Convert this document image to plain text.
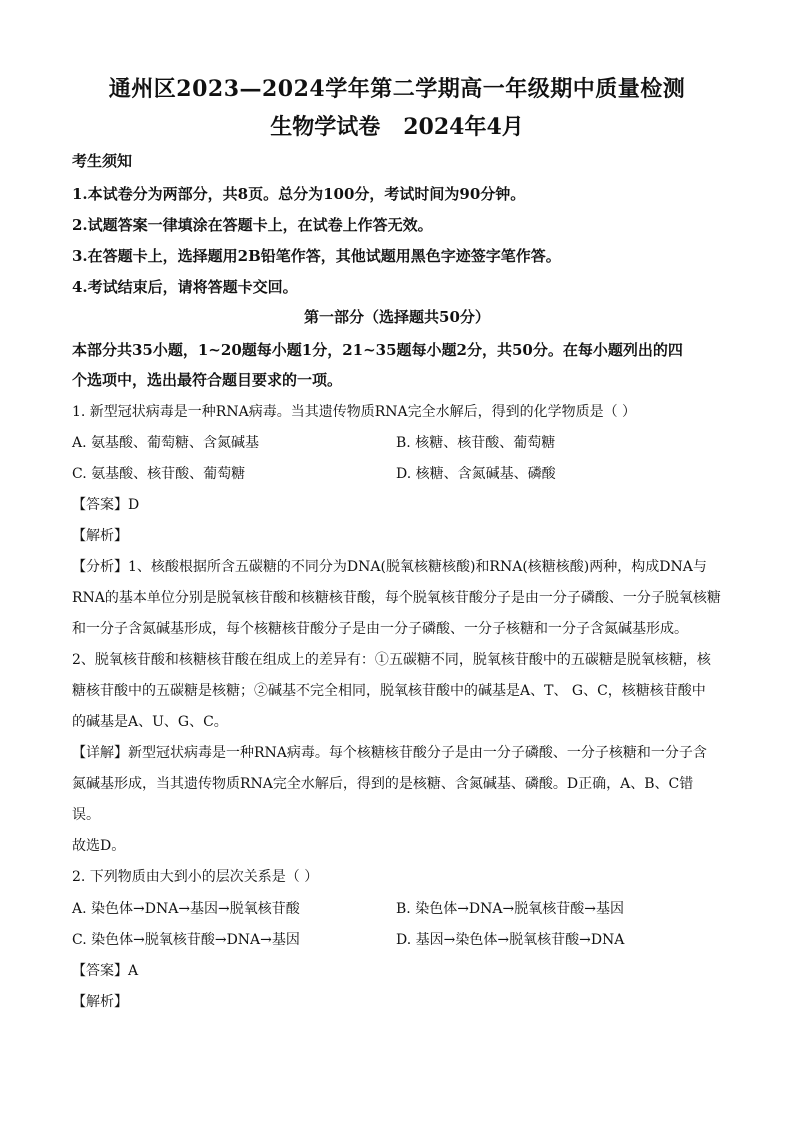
通州区2023—2024学年第二学期高一年级期中质量检测
生物学试卷   2024年4月
考生须知
1.本试卷分为两部分，共8页。总分为100分，考试时间为90分钟。
2.试题答案一律填涂在答题卡上，在试卷上作答无效。
3.在答题卡上，选择题用2B铅笔作答，其他试题用黑色字迹签字笔作答。
4.考试结束后，请将答题卡交回。
第一部分（选择题共50分）
本部分共35小题，1~20题每小题1分，21~35题每小题2分，共50分。在每小题列出的四
个选项中，选出最符合题目要求的一项。
1. 新型冠状病毒是一种RNA病毒。当其遗传物质RNA完全水解后，得到的化学物质是（ ）
A. 氨基酸、葡萄糖、含氮碱基	B. 核糖、核苷酸、葡萄糖
C. 氨基酸、核苷酸、葡萄糖	D. 核糖、含氮碱基、磷酸
【答案】D
【解析】
【分析】1、核酸根据所含五碳糖的不同分为DNA(脱氧核糖核酸)和RNA(核糖核酸)两种，构成DNA与
RNA的基本单位分别是脱氧核苷酸和核糖核苷酸，每个脱氧核苷酸分子是由一分子磷酸、一分子脱氧核糖
和一分子含氮碱基形成，每个核糖核苷酸分子是由一分子磷酸、一分子核糖和一分子含氮碱基形成。
2、脱氧核苷酸和核糖核苷酸在组成上的差异有：①五碳糖不同，脱氧核苷酸中的五碳糖是脱氧核糖，核
糖核苷酸中的五碳糖是核糖；②碱基不完全相同，脱氧核苷酸中的碱基是A、T、 G、C，核糖核苷酸中
的碱基是A、U、G、C。
【详解】新型冠状病毒是一种RNA病毒。每个核糖核苷酸分子是由一分子磷酸、一分子核糖和一分子含
氮碱基形成，当其遗传物质RNA完全水解后，得到的是核糖、含氮碱基、磷酸。D正确，A、B、C错
误。
故选D。
2. 下列物质由大到小的层次关系是（ ）
A. 染色体→DNA→基因→脱氧核苷酸	B. 染色体→DNA→脱氧核苷酸→基因
C. 染色体→脱氧核苷酸→DNA→基因	D. 基因→染色体→脱氧核苷酸→DNA
【答案】A
【解析】
